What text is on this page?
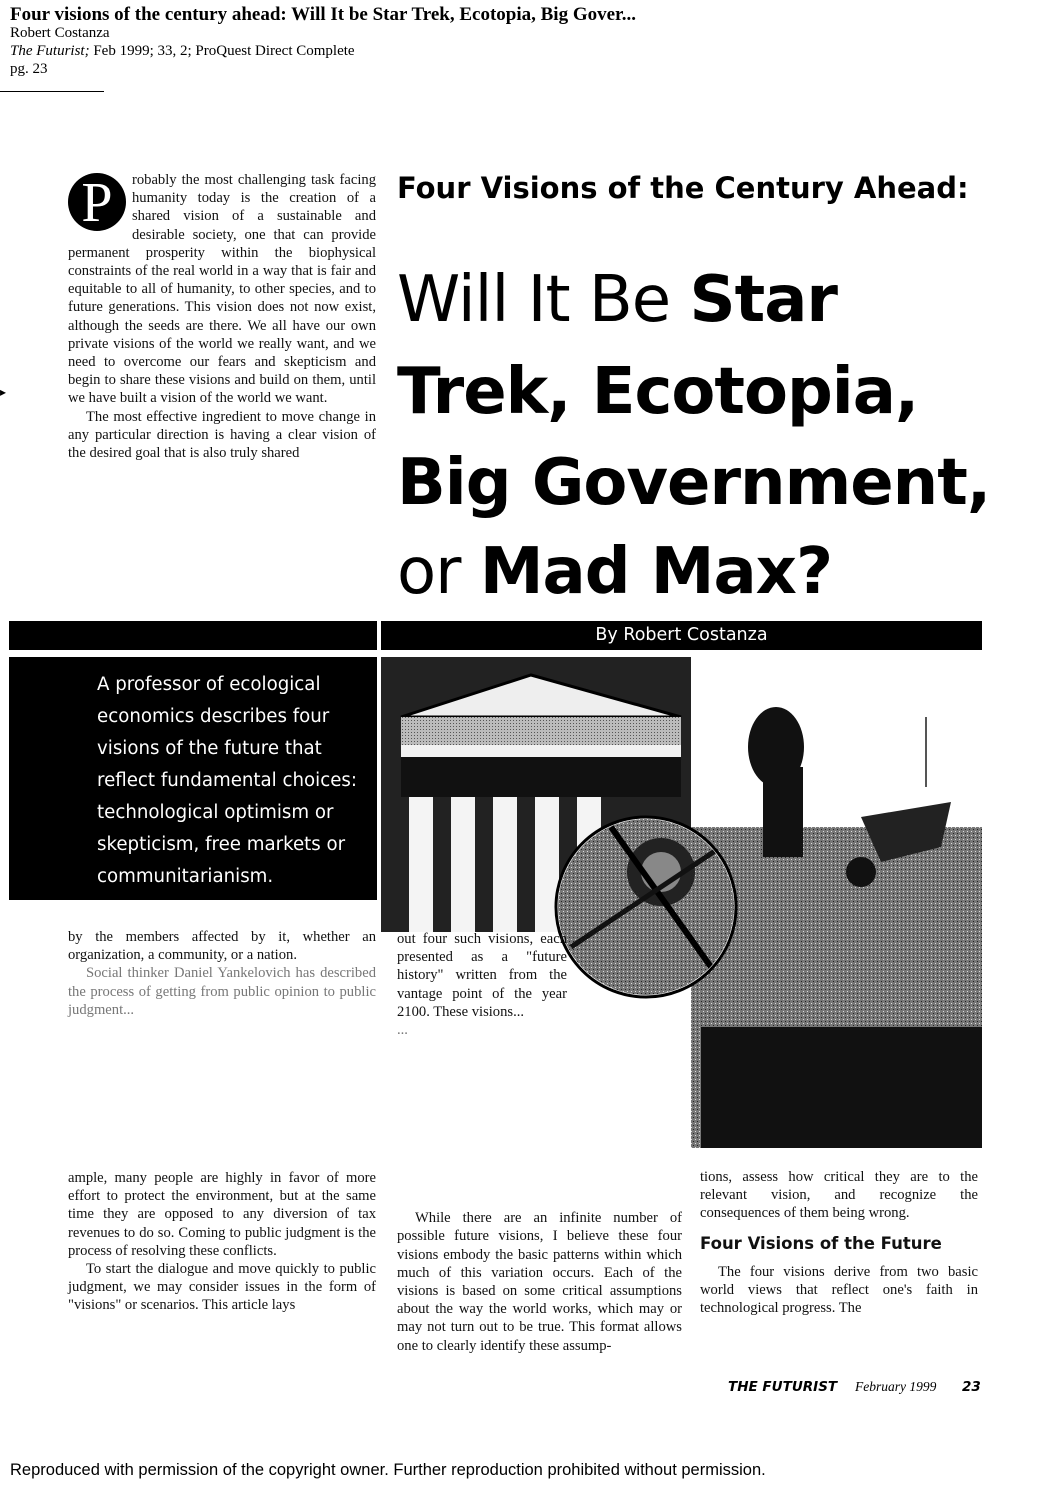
Four visions of the century ahead: Will It be Star Trek, Ecotopia, Big Gover...
Robert Costanza
The Futurist; Feb 1999; 33, 2; ProQuest Direct Complete
pg. 23
▸
P	robably the most challenging task facing humanity today is the creation of a shared vision of a sustainable and desirable society, one that can provide permanent prosperity within the biophysical constraints of the real world in a way that is fair and equitable to all of humanity, to other species, and to future generations. This vision does not now exist, although the seeds are there. We all have our own private visions of the world we really want, and we need to overcome our fears and skepticism and begin to share these visions and build on them, until we have built a vision of the world we want.
The most effective ingredient to move change in any particular direction is having a clear vision of the desired goal that is also truly shared
Four Visions of the Century Ahead:
Will It Be Star
Trek, Ecotopia,
Big Government,
or Mad Max?
By Robert Costanza
A professor of ecological economics describes four visions of the future that reflect fundamental choices: technological optimism or skepticism, free markets or communitarianism.
by the members affected by it, whether an organization, a community, or a nation.
Social thinker Daniel Yankelovich has described the process of getting from public opinion to public judgment...
ample, many people are highly in favor of more effort to protect the environment, but at the same time they are opposed to any diversion of tax revenues to do so. Coming to public judgment is the process of resolving these conflicts.
To start the dialogue and move quickly to public judgment, we may consider issues in the form of "visions" or scenarios. This article lays
out four such visions, each presented as a "future history" written from the vantage point of the year 2100. These visions...
...
While there are an infinite number of possible future visions, I believe these four visions embody the basic patterns within which much of this variation occurs. Each of the visions is based on some critical assumptions about the way the world works, which may or may not turn out to be true. This format allows one to clearly identify these assump-
tions, assess how critical they are to the relevant vision, and recognize the consequences of them being wrong.
Four Visions of the Future
The four visions derive from two basic world views that reflect one's faith in technological progress. The
THE FUTURIST February 1999 23
Reproduced with permission of the copyright owner. Further reproduction prohibited without permission.
